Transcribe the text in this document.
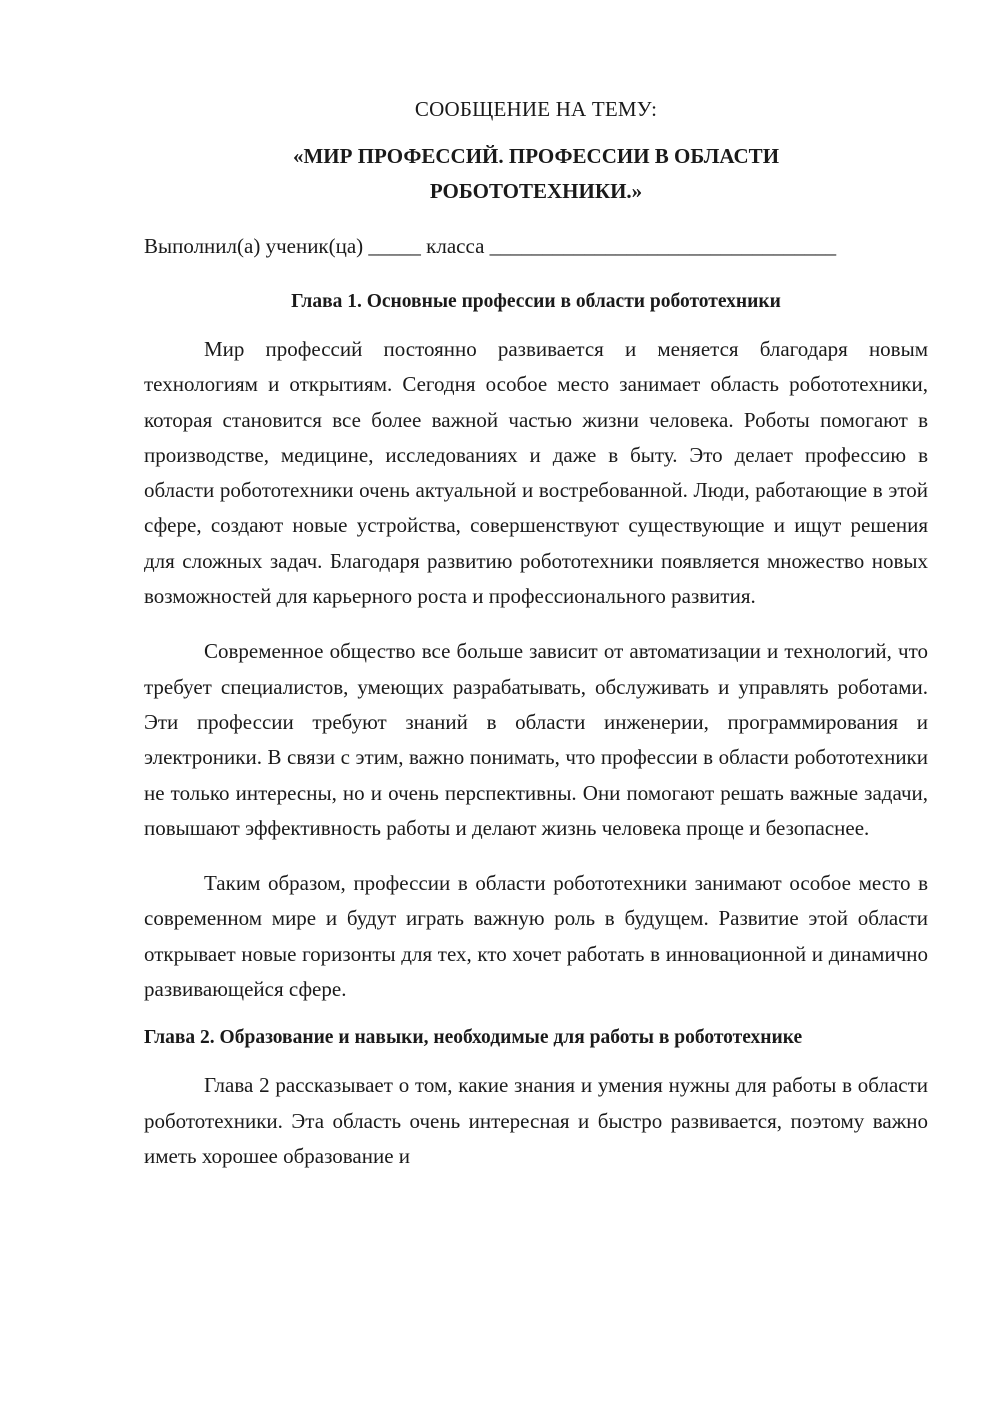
СООБЩЕНИЕ НА ТЕМУ:

«МИР ПРОФЕССИЙ. ПРОФЕССИИ В ОБЛАСТИ
РОБОТОТЕХНИКИ.»

Выполнил(а) ученик(ца) _____ класса _________________________________
Глава 1. Основные профессии в области робототехники

Мир профессий постоянно развивается и меняется благодаря новым технологиям и открытиям. Сегодня особое место занимает область робототехники, которая становится все более важной частью жизни человека. Роботы помогают в производстве, медицине, исследованиях и даже в быту. Это делает профессию в области робототехники очень актуальной и востребованной. Люди, работающие в этой сфере, создают новые устройства, совершенствуют существующие и ищут решения для сложных задач. Благодаря развитию робототехники появляется множество новых возможностей для карьерного роста и профессионального развития.

Современное общество все больше зависит от автоматизации и технологий, что требует специалистов, умеющих разрабатывать, обслуживать и управлять роботами. Эти профессии требуют знаний в области инженерии, программирования и электроники. В связи с этим, важно понимать, что профессии в области робототехники не только интересны, но и очень перспективны. Они помогают решать важные задачи, повышают эффективность работы и делают жизнь человека проще и безопаснее.

Таким образом, профессии в области робототехники занимают особое место в современном мире и будут играть важную роль в будущем. Развитие этой области открывает новые горизонты для тех, кто хочет работать в инновационной и динамично развивающейся сфере.

Глава 2. Образование и навыки, необходимые для работы в робототехнике

Глава 2 рассказывает о том, какие знания и умения нужны для работы в области робототехники. Эта область очень интересная и быстро развивается, поэтому важно иметь хорошее образование и
